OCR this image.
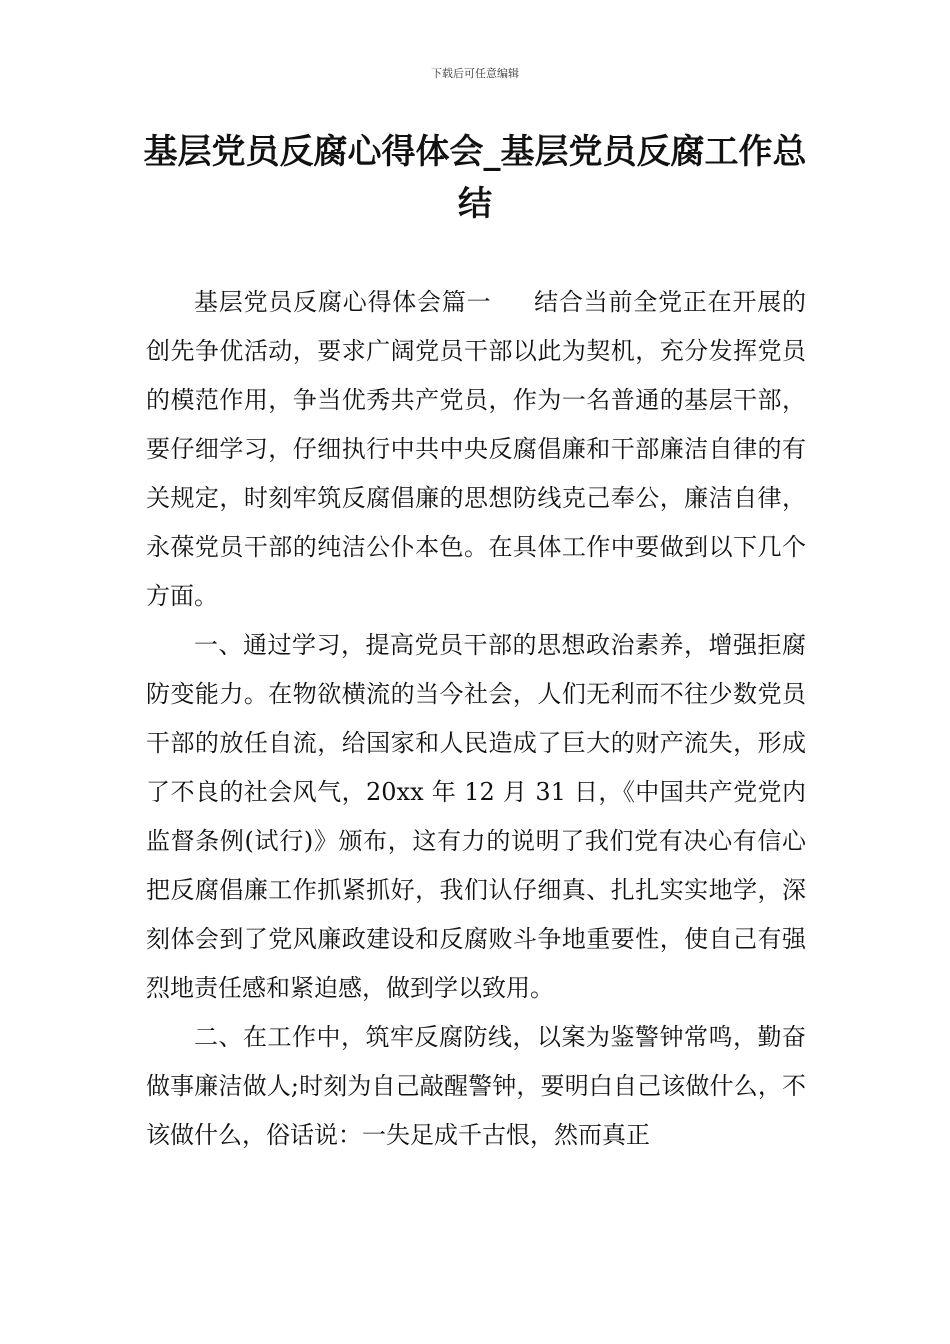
下载后可任意编辑
基层党员反腐心得体会_基层党员反腐工作总结

基层党员反腐心得体会篇一 结合当前全党正在开展的创先争优活动，要求广阔党员干部以此为契机，充分发挥党员的模范作用，争当优秀共产党员，作为一名普通的基层干部，要仔细学习，仔细执行中共中央反腐倡廉和干部廉洁自律的有关规定，时刻牢筑反腐倡廉的思想防线克己奉公，廉洁自律，永葆党员干部的纯洁公仆本色。在具体工作中要做到以下几个方面。

一、通过学习，提高党员干部的思想政治素养，增强拒腐防变能力。在物欲横流的当今社会，人们无利而不往少数党员干部的放任自流，给国家和人民造成了巨大的财产流失，形成了不良的社会风气，20xx 年 12 月 31 日，《中国共产党党内监督条例(试行)》颁布，这有力的说明了我们党有决心有信心把反腐倡廉工作抓紧抓好，我们认仔细真、扎扎实实地学，深刻体会到了党风廉政建设和反腐败斗争地重要性，使自己有强烈地责任感和紧迫感，做到学以致用。

二、在工作中，筑牢反腐防线，以案为鉴警钟常鸣，勤奋做事廉洁做人;时刻为自己敲醒警钟，要明白自己该做什么，不该做什么，俗话说：一失足成千古恨，然而真正
